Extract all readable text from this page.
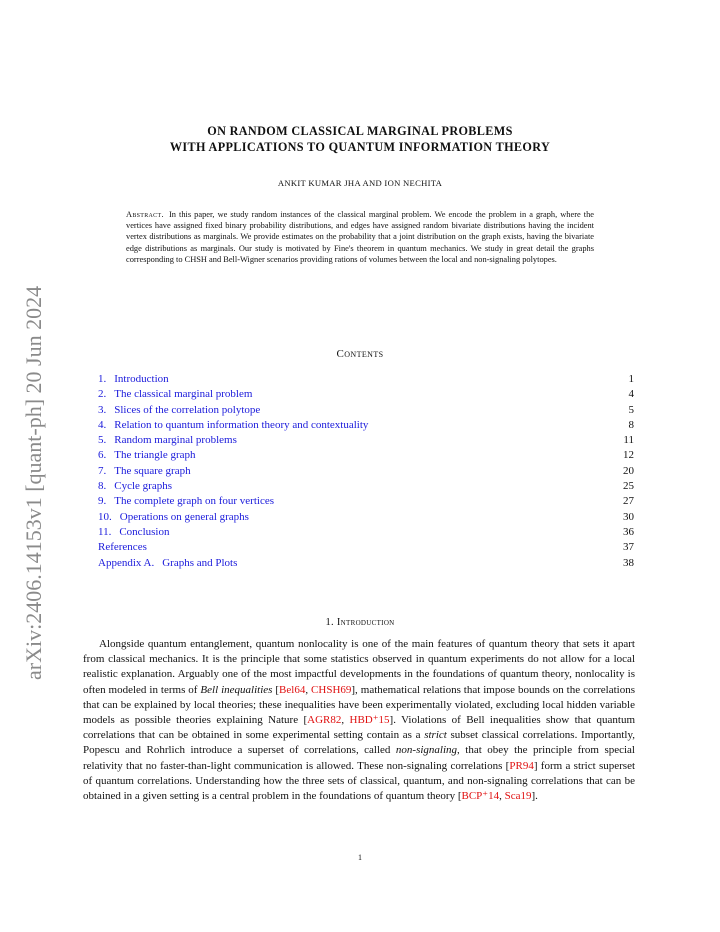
arXiv:2406.14153v1 [quant-ph] 20 Jun 2024
ON RANDOM CLASSICAL MARGINAL PROBLEMS
WITH APPLICATIONS TO QUANTUM INFORMATION THEORY
ANKIT KUMAR JHA AND ION NECHITA
Abstract. In this paper, we study random instances of the classical marginal problem. We encode the problem in a graph, where the vertices have assigned fixed binary probability distributions, and edges have assigned random bivariate distributions having the incident vertex distributions as marginals. We provide estimates on the probability that a joint distribution on the graph exists, having the bivariate edge distributions as marginals. Our study is motivated by Fine's theorem in quantum mechanics. We study in great detail the graphs corresponding to CHSH and Bell-Wigner scenarios providing rations of volumes between the local and non-signaling polytopes.
Contents
1. Introduction	1
2. The classical marginal problem	4
3. Slices of the correlation polytope	5
4. Relation to quantum information theory and contextuality	8
5. Random marginal problems	11
6. The triangle graph	12
7. The square graph	20
8. Cycle graphs	25
9. The complete graph on four vertices	27
10. Operations on general graphs	30
11. Conclusion	36
References	37
Appendix A. Graphs and Plots	38
1. Introduction

Alongside quantum entanglement, quantum nonlocality is one of the main features of quantum theory that sets it apart from classical mechanics. It is the principle that some statistics observed in quantum experiments do not allow for a local realistic explanation. Arguably one of the most impactful developments in the foundations of quantum theory, nonlocality is often modeled in terms of Bell inequalities [Bel64, CHSH69], mathematical relations that impose bounds on the correlations that can be explained by local theories; these inequalities have been experimentally violated, excluding local hidden variable models as possible theories explaining Nature [AGR82, HBD⁺15]. Violations of Bell inequalities show that quantum correlations that can be obtained in some experimental setting contain as a strict subset classical correlations. Importantly, Popescu and Rohrlich introduce a superset of correlations, called non-signaling, that obey the principle from special relativity that no faster-than-light communication is allowed. These non-signaling correlations [PR94] form a strict superset of quantum correlations. Understanding how the three sets of classical, quantum, and non-signaling correlations that can be obtained in a given setting is a central problem in the foundations of quantum theory [BCP⁺14, Sca19].

1
